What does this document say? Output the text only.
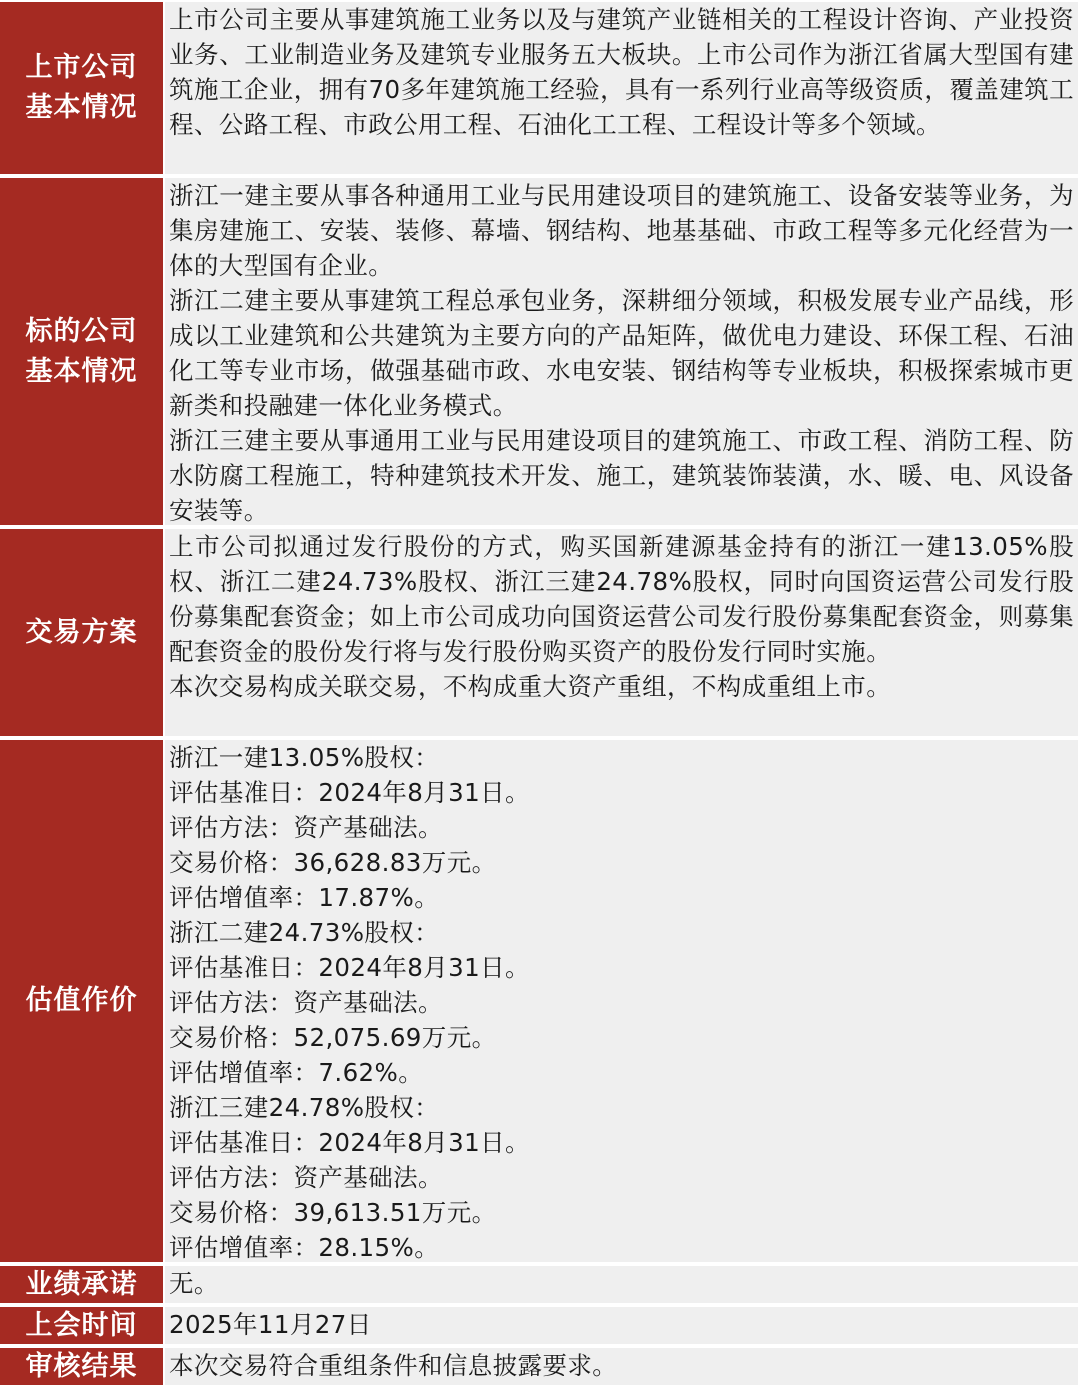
上市公司
基本情况

上市公司主要从事建筑施工业务以及与建筑产业链相关的工程设计咨询、产业投资业务、工业制造业务及建筑专业服务五大板块。上市公司作为浙江省属大型国有建筑施工企业，拥有70多年建筑施工经验，具有一系列行业高等级资质，覆盖建筑工程、公路工程、市政公用工程、石油化工工程、工程设计等多个领域。

标的公司
基本情况

浙江一建主要从事各种通用工业与民用建设项目的建筑施工、设备安装等业务，为集房建施工、安装、装修、幕墙、钢结构、地基基础、市政工程等多元化经营为一体的大型国有企业。

浙江二建主要从事建筑工程总承包业务，深耕细分领域，积极发展专业产品线，形成以工业建筑和公共建筑为主要方向的产品矩阵，做优电力建设、环保工程、石油化工等专业市场，做强基础市政、水电安装、钢结构等专业板块，积极探索城市更新类和投融建一体化业务模式。

浙江三建主要从事通用工业与民用建设项目的建筑施工、市政工程、消防工程、防水防腐工程施工，特种建筑技术开发、施工，建筑装饰装潢，水、暖、电、风设备安装等。

交易方案

上市公司拟通过发行股份的方式，购买国新建源基金持有的浙江一建13.05%股权、浙江二建24.73%股权、浙江三建24.78%股权，同时向国资运营公司发行股份募集配套资金；如上市公司成功向国资运营公司发行股份募集配套资金，则募集配套资金的股份发行将与发行股份购买资产的股份发行同时实施。

本次交易构成关联交易，不构成重大资产重组，不构成重组上市。

估值作价

浙江一建13.05%股权：

评估基准日：2024年8月31日。

评估方法：资产基础法。

交易价格：36,628.83万元。

评估增值率：17.87%。

浙江二建24.73%股权：

评估基准日：2024年8月31日。

评估方法：资产基础法。

交易价格：52,075.69万元。

评估增值率：7.62%。

浙江三建24.78%股权：

评估基准日：2024年8月31日。

评估方法：资产基础法。

交易价格：39,613.51万元。

评估增值率：28.15%。

业绩承诺 无。

上会时间 2025年11月27日

审核结果 本次交易符合重组条件和信息披露要求。
